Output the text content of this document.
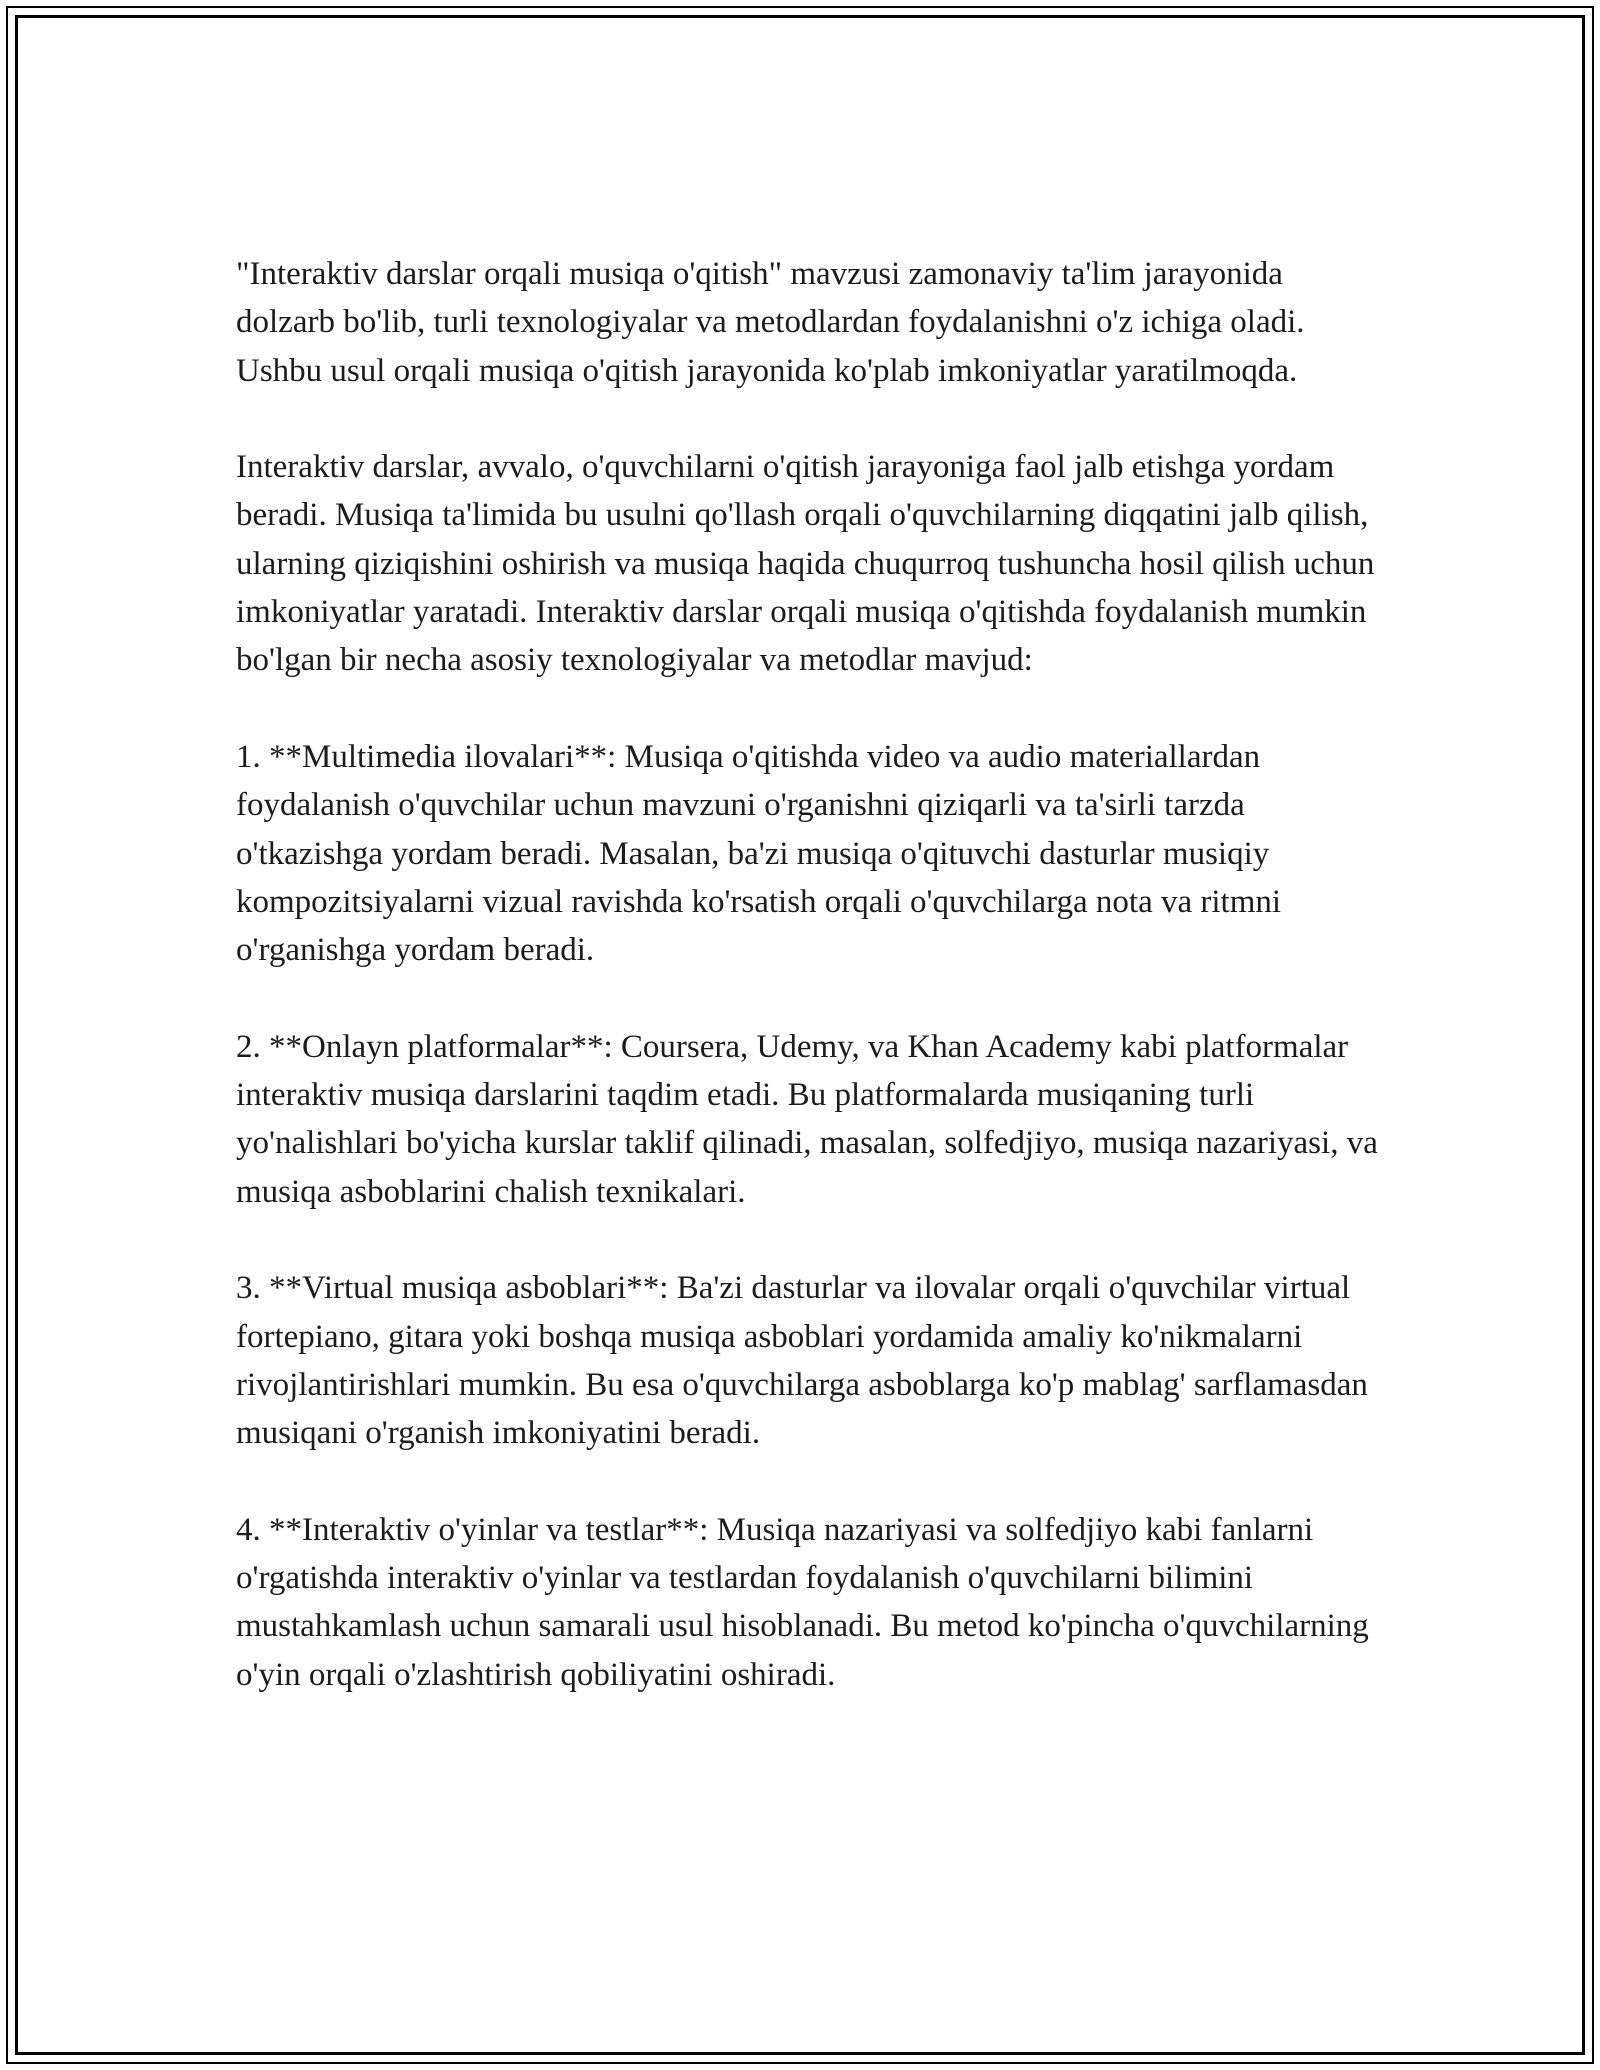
"Interaktiv darslar orqali musiqa o'qitish" mavzusi zamonaviy ta'lim jarayonida dolzarb bo'lib, turli texnologiyalar va metodlardan foydalanishni o'z ichiga oladi. Ushbu usul orqali musiqa o'qitish jarayonida ko'plab imkoniyatlar yaratilmoqda.

Interaktiv darslar, avvalo, o'quvchilarni o'qitish jarayoniga faol jalb etishga yordam beradi. Musiqa ta'limida bu usulni qo'llash orqali o'quvchilarning diqqatini jalb qilish, ularning qiziqishini oshirish va musiqa haqida chuqurroq tushuncha hosil qilish uchun imkoniyatlar yaratadi. Interaktiv darslar orqali musiqa o'qitishda foydalanish mumkin bo'lgan bir necha asosiy texnologiyalar va metodlar mavjud:

1. **Multimedia ilovalari**: Musiqa o'qitishda video va audio materiallardan foydalanish o'quvchilar uchun mavzuni o'rganishni qiziqarli va ta'sirli tarzda o'tkazishga yordam beradi. Masalan, ba'zi musiqa o'qituvchi dasturlar musiqiy kompozitsiyalarni vizual ravishda ko'rsatish orqali o'quvchilarga nota va ritmni o'rganishga yordam beradi.

2. **Onlayn platformalar**: Coursera, Udemy, va Khan Academy kabi platformalar interaktiv musiqa darslarini taqdim etadi. Bu platformalarda musiqaning turli yo'nalishlari bo'yicha kurslar taklif qilinadi, masalan, solfedjiyo, musiqa nazariyasi, va musiqa asboblarini chalish texnikalari.

3. **Virtual musiqa asboblari**: Ba'zi dasturlar va ilovalar orqali o'quvchilar virtual fortepiano, gitara yoki boshqa musiqa asboblari yordamida amaliy ko'nikmalarni rivojlantirishlari mumkin. Bu esa o'quvchilarga asboblarga ko'p mablag' sarflamasdan musiqani o'rganish imkoniyatini beradi.

4. **Interaktiv o'yinlar va testlar**: Musiqa nazariyasi va solfedjiyo kabi fanlarni o'rgatishda interaktiv o'yinlar va testlardan foydalanish o'quvchilarni bilimini mustahkamlash uchun samarali usul hisoblanadi. Bu metod ko'pincha o'quvchilarning o'yin orqali o'zlashtirish qobiliyatini oshiradi.
